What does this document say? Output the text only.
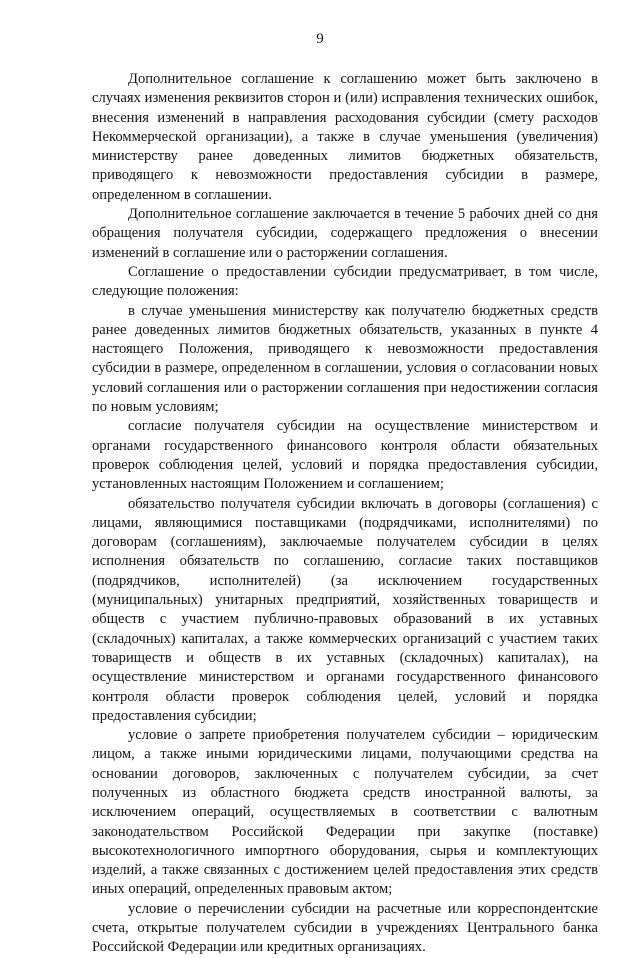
9

Дополнительное соглашение к соглашению может быть заключено в случаях изменения реквизитов сторон и (или) исправления технических ошибок, внесения изменений в направления расходования субсидии (смету расходов Некоммерческой организации), а также в случае уменьшения (увеличения) министерству ранее доведенных лимитов бюджетных обязательств, приводящего к невозможности предоставления субсидии в размере, определенном в соглашении.

Дополнительное соглашение заключается в течение 5 рабочих дней со дня обращения получателя субсидии, содержащего предложения о внесении изменений в соглашение или о расторжении соглашения.

Соглашение о предоставлении субсидии предусматривает, в том числе, следующие положения:

в случае уменьшения министерству как получателю бюджетных средств ранее доведенных лимитов бюджетных обязательств, указанных в пункте 4 настоящего Положения, приводящего к невозможности предоставления субсидии в размере, определенном в соглашении, условия о согласовании новых условий соглашения или о расторжении соглашения при недостижении согласия по новым условиям;

согласие получателя субсидии на осуществление министерством и органами государственного финансового контроля области обязательных проверок соблюдения целей, условий и порядка предоставления субсидии, установленных настоящим Положением и соглашением;

обязательство получателя субсидии включать в договоры (соглашения) с лицами, являющимися поставщиками (подрядчиками, исполнителями) по договорам (соглашениям), заключаемые получателем субсидии в целях исполнения обязательств по соглашению, согласие таких поставщиков (подрядчиков, исполнителей) (за исключением государственных (муниципальных) унитарных предприятий, хозяйственных товариществ и обществ с участием публично-правовых образований в их уставных (складочных) капиталах, а также коммерческих организаций с участием таких товариществ и обществ в их уставных (складочных) капиталах), на осуществление министерством и органами государственного финансового контроля области проверок соблюдения целей, условий и порядка предоставления субсидии;

условие о запрете приобретения получателем субсидии – юридическим лицом, а также иными юридическими лицами, получающими средства на основании договоров, заключенных с получателем субсидии, за счет полученных из областного бюджета средств иностранной валюты, за исключением операций, осуществляемых в соответствии с валютным законодательством Российской Федерации при закупке (поставке) высокотехнологичного импортного оборудования, сырья и комплектующих изделий, а также связанных с достижением целей предоставления этих средств иных операций, определенных правовым актом;

условие о перечислении субсидии на расчетные или корреспондентские счета, открытые получателем субсидии в учреждениях Центрального банка Российской Федерации или кредитных организациях.
